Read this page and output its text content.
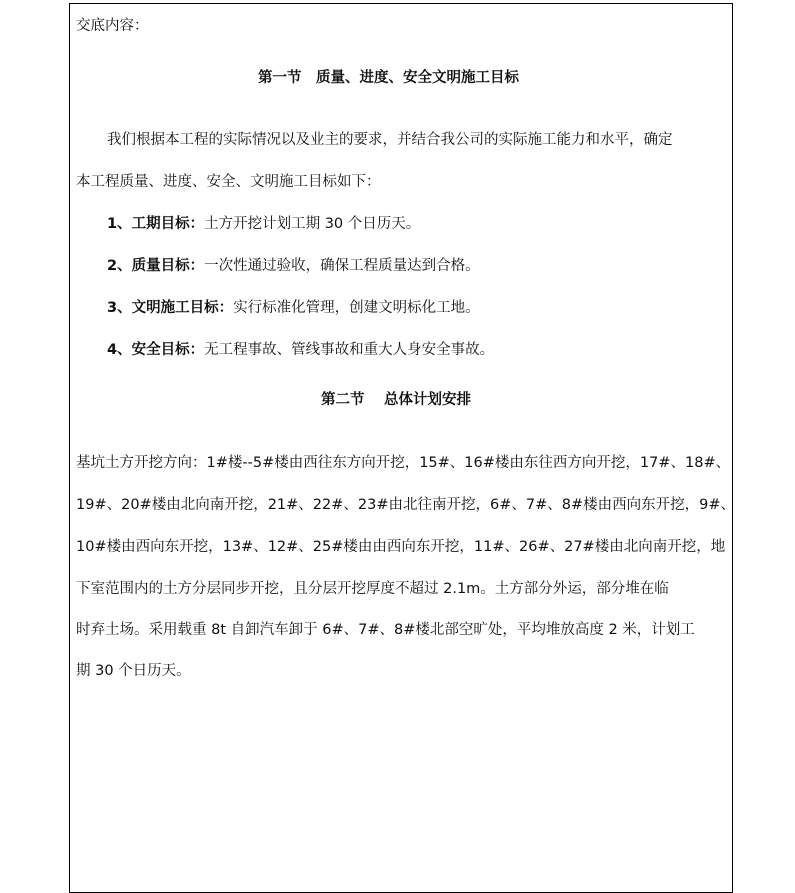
交底内容：
第一节　质量、进度、安全文明施工目标
我们根据本工程的实际情况以及业主的要求，并结合我公司的实际施工能力和水平，确定
本工程质量、进度、安全、文明施工目标如下：
1、工期目标：土方开挖计划工期 30 个日历天。
2、质量目标：一次性通过验收，确保工程质量达到合格。
3、文明施工目标：实行标准化管理，创建文明标化工地。
4、安全目标：无工程事故、管线事故和重大人身安全事故。
第二节　 总体计划安排
基坑土方开挖方向：1#楼--5#楼由西往东方向开挖，15#、16#楼由东往西方向开挖，17#、18#、
19#、20#楼由北向南开挖，21#、22#、23#由北往南开挖，6#、7#、8#楼由西向东开挖，9#、
10#楼由西向东开挖，13#、12#、25#楼由由西向东开挖，11#、26#、27#楼由北向南开挖，地
下室范围内的土方分层同步开挖，且分层开挖厚度不超过 2.1m。土方部分外运，部分堆在临
时弃土场。采用载重 8t 自卸汽车卸于 6#、7#、8#楼北部空旷处，平均堆放高度 2 米，计划工
期 30 个日历天。
